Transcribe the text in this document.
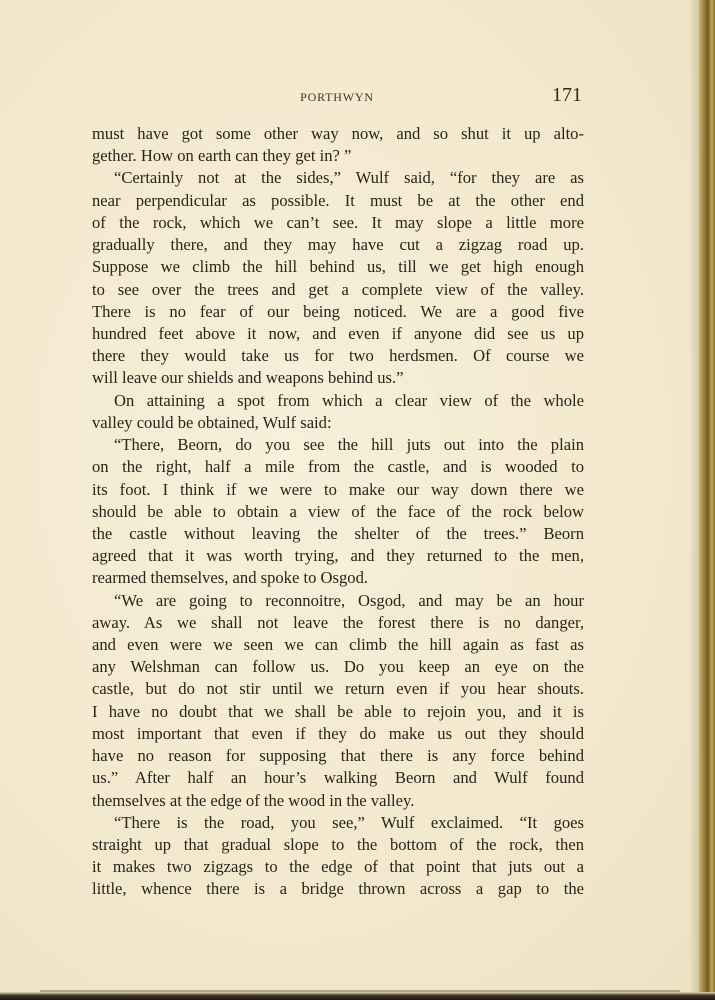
PORTHWYN	171
must have got some other way now, and so shut it up alto-
gether. How on earth can they get in? ”
“Certainly not at the sides,” Wulf said, “for they are as
near perpendicular as possible. It must be at the other end
of the rock, which we can’t see. It may slope a little more
gradually there, and they may have cut a zigzag road up.
Suppose we climb the hill behind us, till we get high enough
to see over the trees and get a complete view of the valley.
There is no fear of our being noticed. We are a good five
hundred feet above it now, and even if anyone did see us up
there they would take us for two herdsmen. Of course we
will leave our shields and weapons behind us.”
On attaining a spot from which a clear view of the whole
valley could be obtained, Wulf said:
“There, Beorn, do you see the hill juts out into the plain
on the right, half a mile from the castle, and is wooded to
its foot. I think if we were to make our way down there we
should be able to obtain a view of the face of the rock below
the castle without leaving the shelter of the trees.” Beorn
agreed that it was worth trying, and they returned to the men,
rearmed themselves, and spoke to Osgod.
“We are going to reconnoitre, Osgod, and may be an hour
away. As we shall not leave the forest there is no danger,
and even were we seen we can climb the hill again as fast as
any Welshman can follow us. Do you keep an eye on the
castle, but do not stir until we return even if you hear shouts.
I have no doubt that we shall be able to rejoin you, and it is
most important that even if they do make us out they should
have no reason for supposing that there is any force behind
us.” After half an hour’s walking Beorn and Wulf found
themselves at the edge of the wood in the valley.
“There is the road, you see,” Wulf exclaimed. “It goes
straight up that gradual slope to the bottom of the rock, then
it makes two zigzags to the edge of that point that juts out a
little, whence there is a bridge thrown across a gap to the
